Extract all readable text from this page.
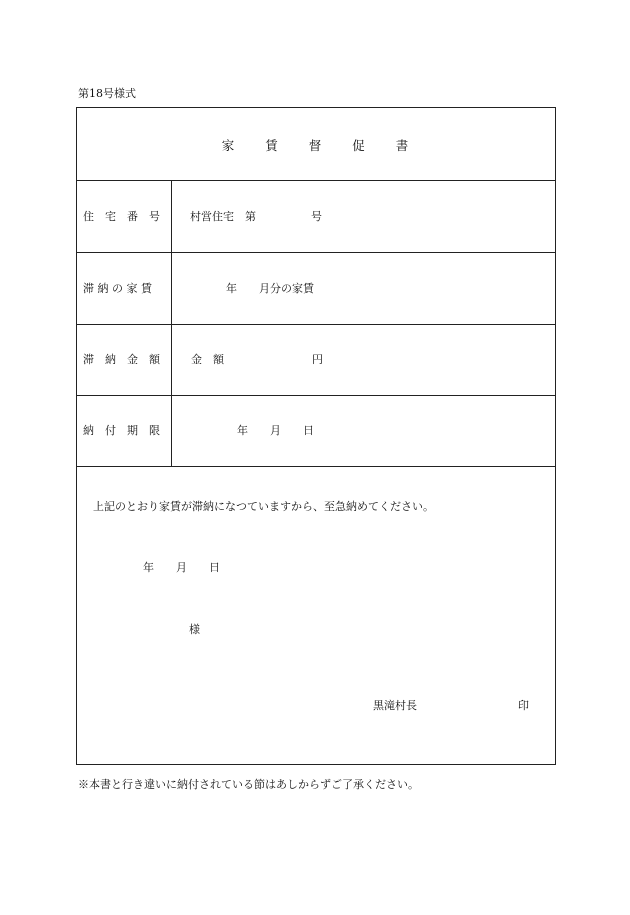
第18号様式
家　　賃　　督　　促　　書
住　宅　番　号	村営住宅　第　　　　　号
滞 納 の 家 賃	年　　月分の家賃
滞　納　金　額	金　額　　　　　　　　円
納　付　期　限	年　　月　　日
上記のとおり家賃が滞納になつていますから、至急納めてください。
年　　月　　日
様
黒滝村長	印
※本書と行き違いに納付されている節はあしからずご了承ください。
